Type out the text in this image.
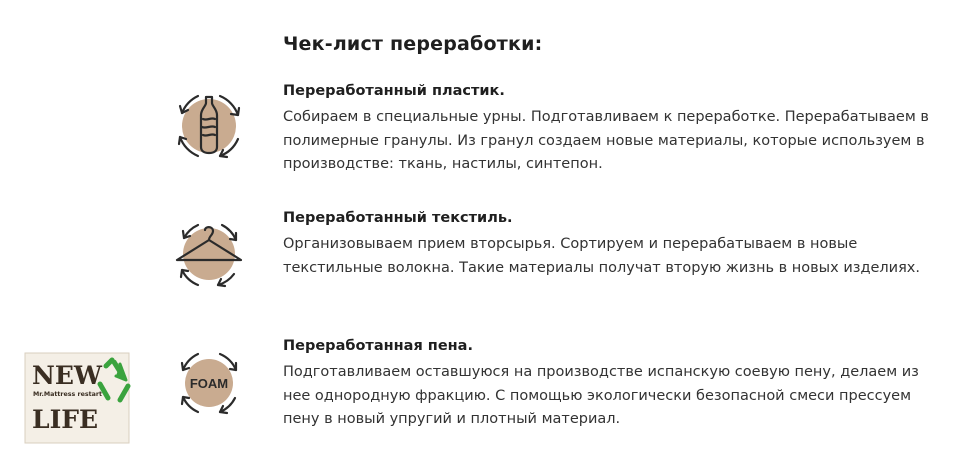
Чек-лист переработки:
Переработанный пластик.

Собираем в специальные урны. Подготавливаем к переработке. Перерабатываем в полимерные гранулы. Из гранул создаем новые материалы, которые используем в производстве: ткань, настилы, синтепон.

Переработанный текстиль.

Организовываем прием вторсырья. Сортируем и перерабатываем в новые текстильные волокна. Такие материалы получат вторую жизнь в новых изделиях.

FOAM
Переработанная пена.

Подготавливаем оставшуюся на производстве испанскую соевую пену, делаем из нее однородную фракцию. С помощью экологически безопасной смеси прессуем пену в новый упругий и плотный материал.

NEW
Mr.Mattress restart
LIFE
